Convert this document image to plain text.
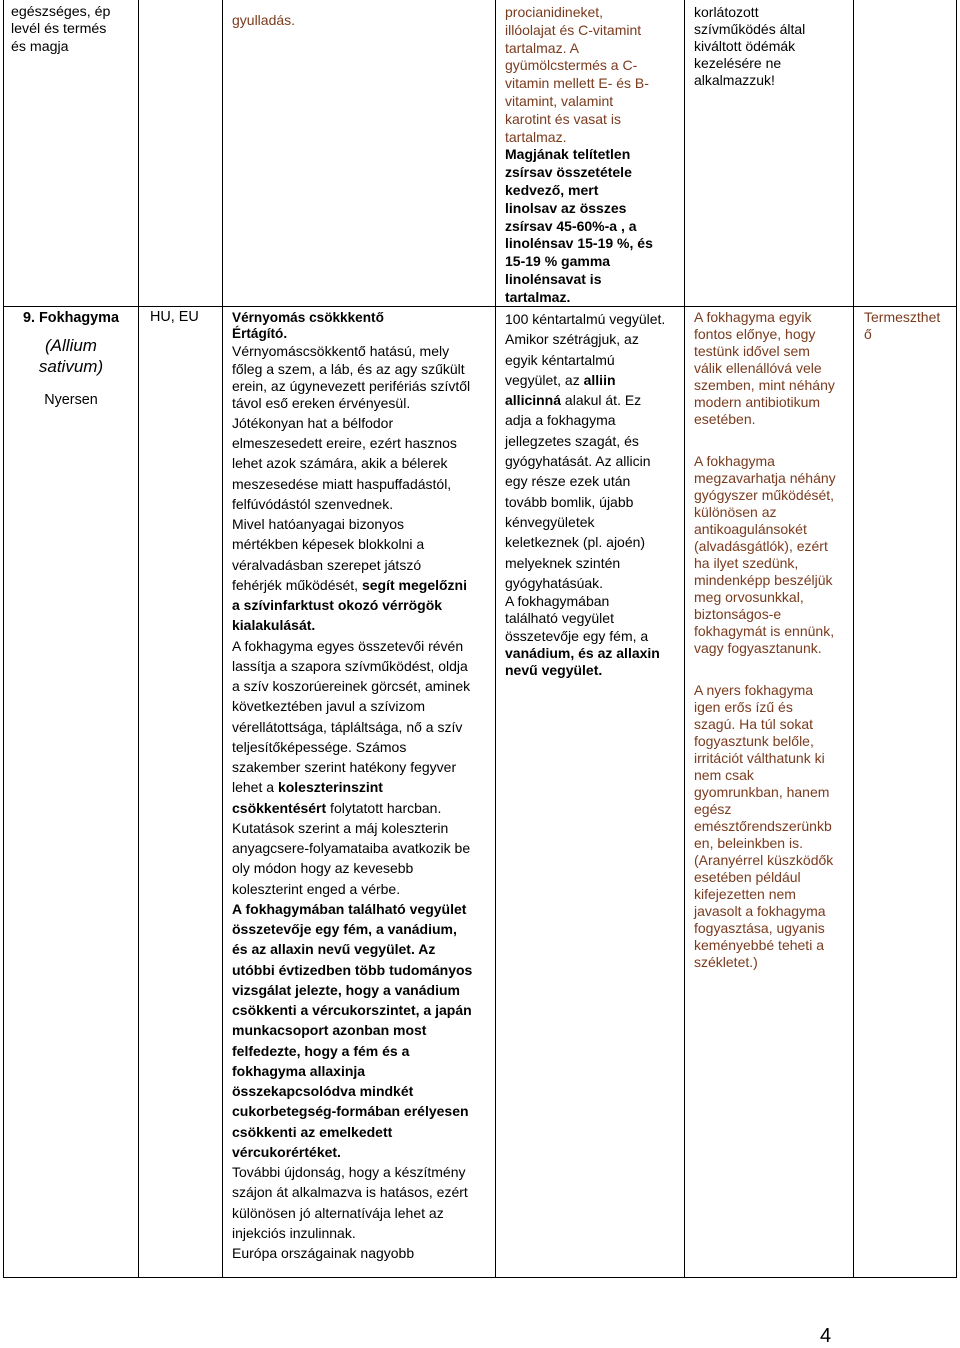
egészséges, ép

levél és termés

és magja

gyulladás.	procianidineket,

illóolajat és C-vitamint

tartalmaz. A

gyümölcstermés a C-

vitamin mellett E- és B-

vitamint, valamint

karotint és vasat is

tartalmaz.

Magjának telítetlen

zsírsav összetétele

kedvező, mert

linolsav az összes

zsírsav 45-60%-a , a

linolénsav 15-19 %, és

15-19 % gamma

linolénsavat is

tartalmaz.

korlátozott

szívműködés által

kiváltott ödémák

kezelésére ne

alkalmazzuk!

9. Fokhagyma

(Allium
sativum)

Nyersen

HU, EU	Vérnyomás csökkkentő

Értágító.

Vérnyomáscsökkentő hatású, mely

főleg a szem, a láb, és az agy szűkült

erein, az úgynevezett perifériás szívtől

távol eső ereken érvényesül.

Jótékonyan hat a bélfodor

elmeszesedett ereire, ezért hasznos

lehet azok számára, akik a bélerek

meszesedése miatt haspuffadástól,

felfúvódástól szenvednek.

Mivel hatóanyagai bizonyos

mértékben képesek blokkolni a

véralvadásban szerepet játszó

fehérjék működését, segít megelőzni

a szívinfarktust okozó vérrögök

kialakulását.

A fokhagyma egyes összetevői révén

lassítja a szapora szívműködést, oldja

a szív koszorúereinek görcsét, aminek

következtében javul a szívizom

vérellátottsága, tápláltsága, nő a szív

teljesítőképessége. Számos

szakember szerint hatékony fegyver

lehet a koleszterinszint

csökkentésért folytatott harcban.

Kutatások szerint a máj koleszterin

anyagcsere-folyamataiba avatkozik be

oly módon hogy az kevesebb

koleszterint enged a vérbe.

A fokhagymában található vegyület

összetevője egy fém, a vanádium,

és az allaxin nevű vegyület. Az

utóbbi évtizedben több tudományos

vizsgálat jelezte, hogy a vanádium

csökkenti a vércukorszintet, a japán

munkacsoport azonban most

felfedezte, hogy a fém és a

fokhagyma allaxinja

összekapcsolódva mindkét

cukorbetegség-formában erélyesen

csökkenti az emelkedett

vércukorértéket.

További újdonság, hogy a készítmény

szájon át alkalmazva is hatásos, ezért

különösen jó alternatívája lehet az

injekciós inzulinnak.

Európa országainak nagyobb

100 kéntartalmú vegyület.

Amikor szétrágjuk, az

egyik kéntartalmú

vegyület, az alliin

allicinná alakul át. Ez

adja a fokhagyma

jellegzetes szagát, és

gyógyhatását. Az allicin

egy része ezek után

tovább bomlik, újabb

kénvegyületek

keletkeznek (pl. ajoén)

melyeknek szintén

gyógyhatásúak.

A fokhagymában

található vegyület

összetevője egy fém, a

vanádium, és az allaxin

nevű vegyület.

A fokhagyma egyik

fontos előnye, hogy

testünk idővel sem

válik ellenállóvá vele

szemben, mint néhány

modern antibiotikum

esetében.

A fokhagyma

megzavarhatja néhány

gyógyszer működését,

különösen az

antikoagulánsokét

(alvadásgátlók), ezért

ha ilyet szedünk,

mindenképp beszéljük

meg orvosunkkal,

biztonságos-e

fokhagymát is ennünk,

vagy fogyasztanunk.

A nyers fokhagyma

igen erős ízű és

szagú. Ha túl sokat

fogyasztunk belőle,

irritációt válthatunk ki

nem csak

gyomrunkban, hanem

egész

emésztőrendszerünkb

en, beleinkben is.

(Aranyérrel küszködők

esetében például

kifejezetten nem

javasolt a fokhagyma

fogyasztása, ugyanis

keményebbé teheti a

székletet.)

Termeszthet

ő

4
